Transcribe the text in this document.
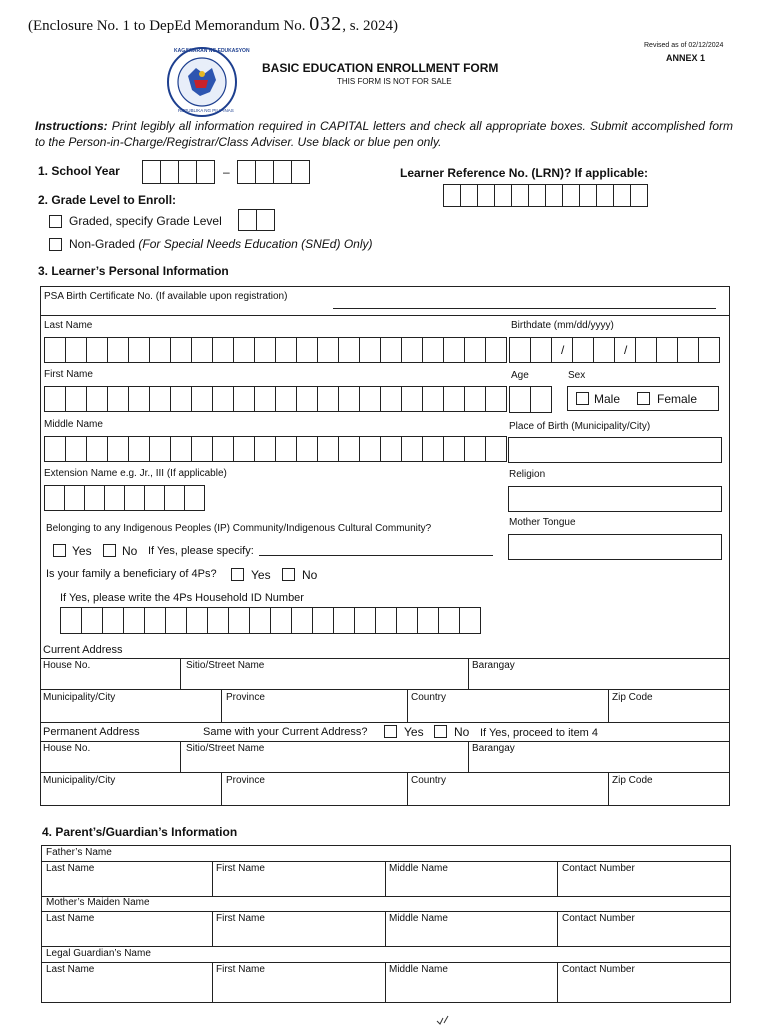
(Enclosure No. 1 to DepEd Memorandum No. 032, s. 2024)
Revised as of 02/12/2024
ANNEX 1
KAGAWARAN NG EDUKASYON
REPUBLIKA NG PILIPINAS
BASIC EDUCATION ENROLLMENT FORM
THIS FORM IS NOT FOR SALE
Instructions: Print legibly all information required in CAPITAL letters and check all appropriate boxes. Submit accomplished form to the Person-in-Charge/Registrar/Class Adviser. Use black or blue pen only.
1. School Year	–	Learner Reference No. (LRN)? If applicable:
2. Grade Level to Enroll:
Graded, specify Grade Level
Non-Graded (For Special Needs Education (SNEd) Only)
3. Learner’s Personal Information
PSA Birth Certificate No. (If available upon registration)
Last Name
First Name
Middle Name
Extension Name e.g. Jr., III (If applicable)
Birthdate (mm/dd/yyyy)
/	/
Age	Sex
Male	Female
Place of Birth (Municipality/City)
Religion
Mother Tongue
Belonging to any Indigenous Peoples (IP) Community/Indigenous Cultural Community?
Yes	No If Yes, please specify:
Is your family a beneficiary of 4Ps?	Yes	No
If Yes, please write the 4Ps Household ID Number
Current Address
House No.	Sitio/Street Name	Barangay
Municipality/City	Province	Country	Zip Code
Permanent Address	Same with your Current Address?	Yes	No If Yes, proceed to item 4
House No.	Sitio/Street Name	Barangay
Municipality/City	Province	Country	Zip Code
4. Parent’s/Guardian’s Information
Father’s Name
Last Name	First Name	Middle Name	Contact Number
Mother’s Maiden Name
Last Name	First Name	Middle Name	Contact Number
Legal Guardian’s Name
Last Name	First Name	Middle Name	Contact Number
